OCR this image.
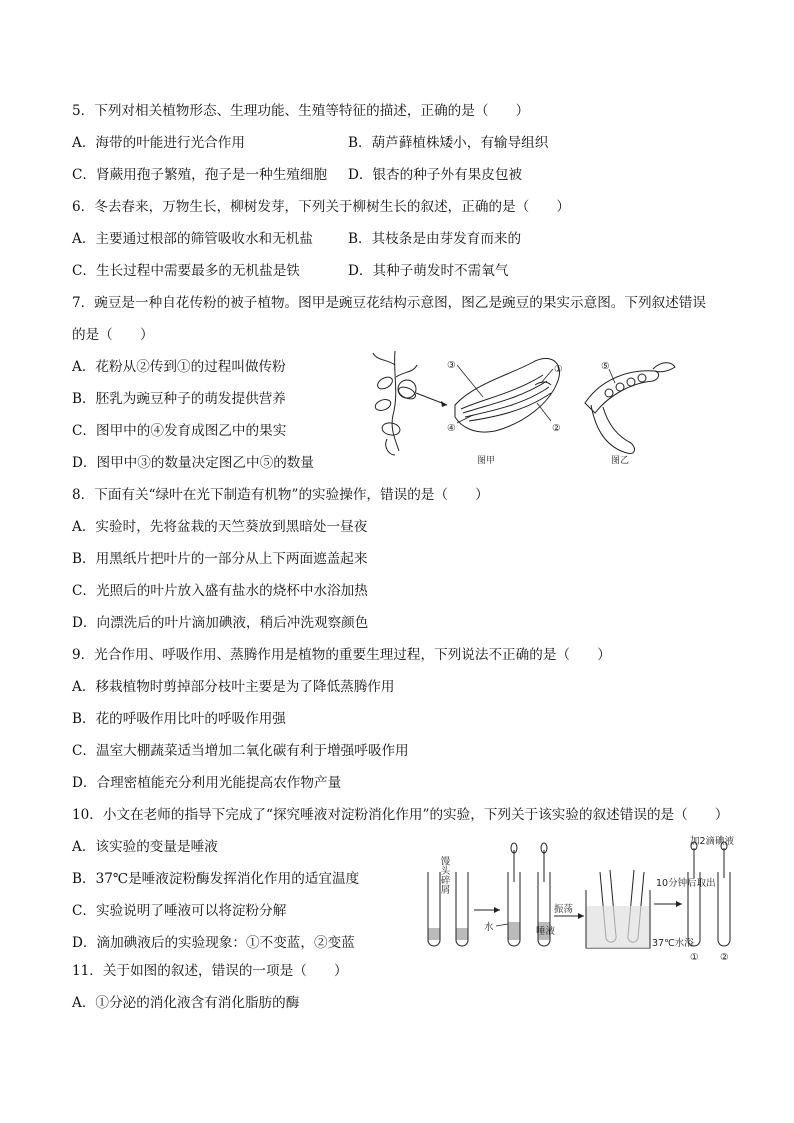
5．下列对相关植物形态、生理功能、生殖等特征的描述，正确的是（　　）
A．海带的叶能进行光合作用	B．葫芦藓植株矮小，有输导组织
C．肾蕨用孢子繁殖，孢子是一种生殖细胞 D．银杏的种子外有果皮包被
6．冬去春来，万物生长，柳树发芽，下列关于柳树生长的叙述，正确的是（　　）
A．主要通过根部的筛管吸收水和无机盐	B．其枝条是由芽发育而来的
C．生长过程中需要最多的无机盐是铁	D．其种子萌发时不需氧气
7．豌豆是一种自花传粉的被子植物。图甲是豌豆花结构示意图，图乙是豌豆的果实示意图。下列叙述错误
的是（　　）
A．花粉从②传到①的过程叫做传粉
B．胚乳为豌豆种子的萌发提供营养
C．图甲中的④发育成图乙中的果实
D．图甲中③的数量决定图乙中⑤的数量
③	①
④	②
⑤
图甲	图乙
8．下面有关“绿叶在光下制造有机物”的实验操作，错误的是（　　）
A．实验时，先将盆栽的天竺葵放到黑暗处一昼夜
B．用黑纸片把叶片的一部分从上下两面遮盖起来
C．光照后的叶片放入盛有盐水的烧杯中水浴加热
D．向漂洗后的叶片滴加碘液，稍后冲洗观察颜色
9．光合作用、呼吸作用、蒸腾作用是植物的重要生理过程，下列说法不正确的是（　　）
A．移栽植物时剪掉部分枝叶主要是为了降低蒸腾作用
B．花的呼吸作用比叶的呼吸作用强
C．温室大棚蔬菜适当增加二氧化碳有利于增强呼吸作用
D．合理密植能充分利用光能提高农作物产量
10．小文在老师的指导下完成了“探究唾液对淀粉消化作用”的实验，下列关于该实验的叙述错误的是（　　）
A．该实验的变量是唾液
B．37℃是唾液淀粉酶发挥消化作用的适宜温度
C．实验说明了唾液可以将淀粉分解
D．滴加碘液后的实验现象：①不变蓝，②变蓝
馒头碎屑
水
振荡
唾液
10分钟后取出
37℃水浴
加2滴碘液
① ②
11．关于如图的叙述，错误的一项是（　　）
A．①分泌的消化液含有消化脂肪的酶
